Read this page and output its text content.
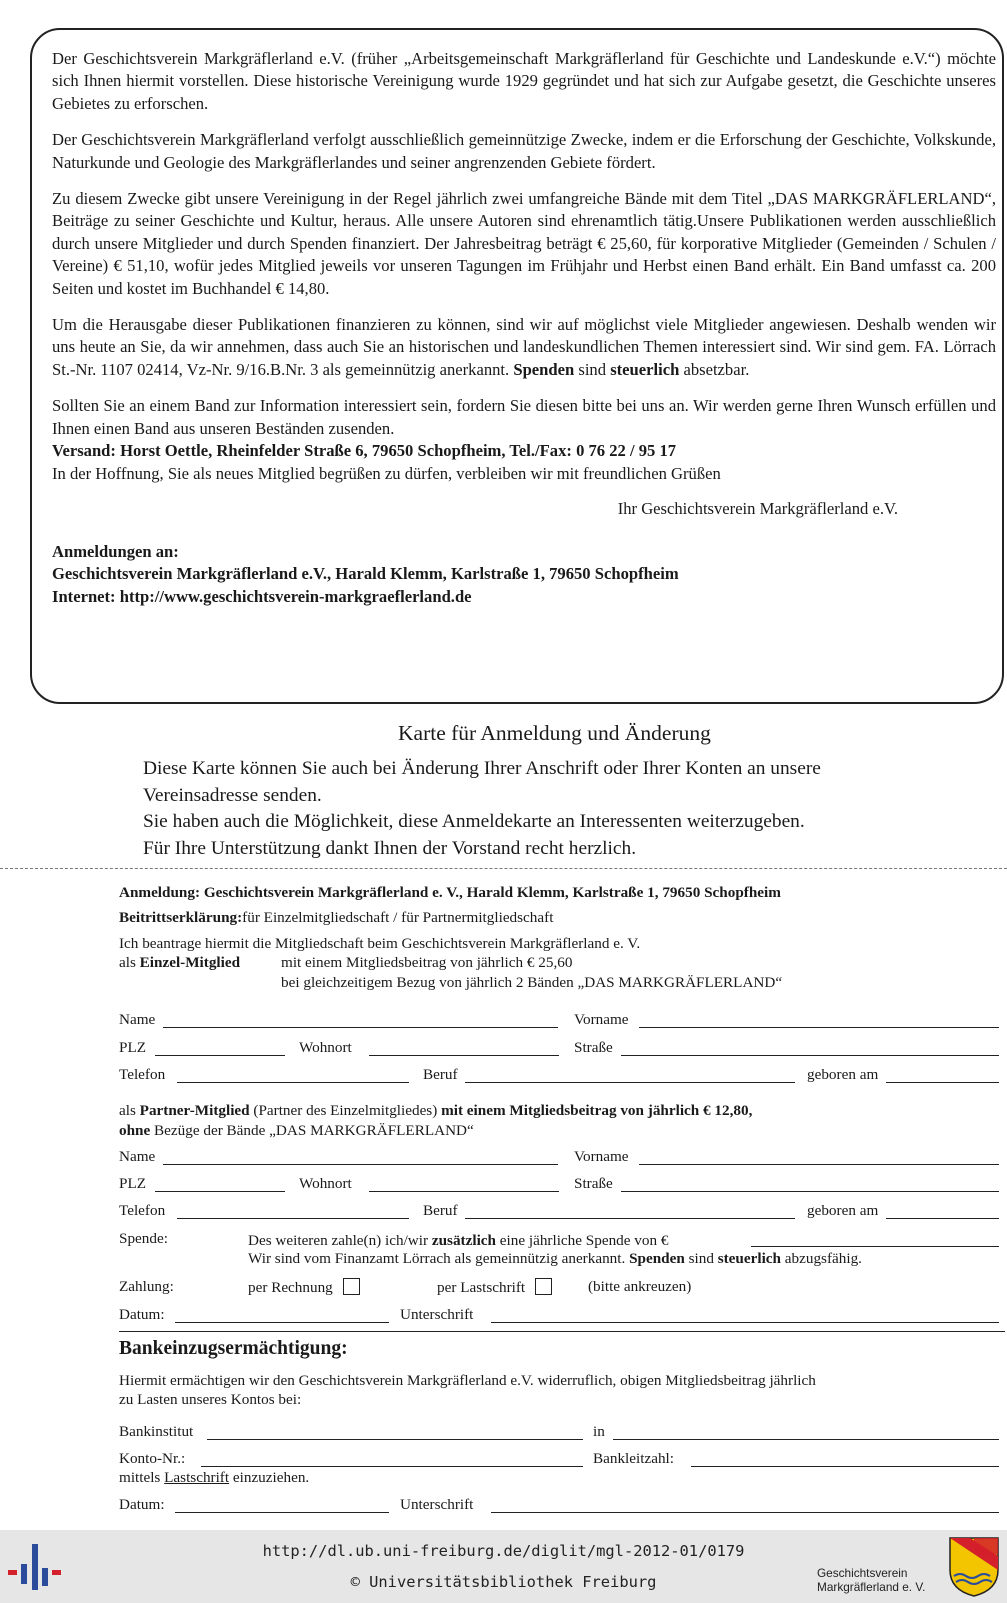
Der Geschichtsverein Markgräflerland e.V. (früher „Arbeitsgemeinschaft Markgräflerland für Geschichte und Landeskunde e.V.“) möchte sich Ihnen hiermit vorstellen. Diese historische Vereinigung wurde 1929 gegründet und hat sich zur Aufgabe gesetzt, die Geschichte unseres Gebietes zu erforschen.

Der Geschichtsverein Markgräflerland verfolgt ausschließlich gemeinnützige Zwecke, indem er die Erforschung der Geschichte, Volkskunde, Naturkunde und Geologie des Markgräflerlandes und seiner angrenzenden Gebiete fördert.

Zu diesem Zwecke gibt unsere Vereinigung in der Regel jährlich zwei umfangreiche Bände mit dem Titel „DAS MARKGRÄFLERLAND“, Beiträge zu seiner Geschichte und Kultur, heraus. Alle unsere Autoren sind ehrenamtlich tätig.Unsere Publikationen werden ausschließlich durch unsere Mitglieder und durch Spenden finanziert. Der Jahresbeitrag beträgt € 25,60, für korporative Mitglieder (Gemeinden / Schulen / Vereine) € 51,10, wofür jedes Mitglied jeweils vor unseren Tagungen im Frühjahr und Herbst einen Band erhält. Ein Band umfasst ca. 200 Seiten und kostet im Buchhandel € 14,80.

Um die Herausgabe dieser Publikationen finanzieren zu können, sind wir auf möglichst viele Mitglieder angewiesen. Deshalb wenden wir uns heute an Sie, da wir annehmen, dass auch Sie an historischen und landeskundlichen Themen interessiert sind. Wir sind gem. FA. Lörrach St.-Nr. 1107 02414, Vz-Nr. 9/16.B.Nr. 3 als gemeinnützig anerkannt. Spenden sind steuerlich absetzbar.

Sollten Sie an einem Band zur Information interessiert sein, fordern Sie diesen bitte bei uns an. Wir werden gerne Ihren Wunsch erfüllen und Ihnen einen Band aus unseren Beständen zusenden.

Versand: Horst Oettle, Rheinfelder Straße 6, 79650 Schopfheim, Tel./Fax: 0 76 22 / 95 17

In der Hoffnung, Sie als neues Mitglied begrüßen zu dürfen, verbleiben wir mit freundlichen Grüßen

Ihr Geschichtsverein Markgräflerland e.V.
Anmeldungen an:
Geschichtsverein Markgräflerland e.V., Harald Klemm, Karlstraße 1, 79650 Schopfheim
Internet: http://www.geschichtsverein-markgraeflerland.de
Karte für Anmeldung und Änderung
Diese Karte können Sie auch bei Änderung Ihrer Anschrift oder Ihrer Konten an unsere
Vereinsadresse senden.
Sie haben auch die Möglichkeit, diese Anmeldekarte an Interessenten weiterzugeben.
Für Ihre Unterstützung dankt Ihnen der Vorstand recht herzlich.
Anmeldung: Geschichtsverein Markgräflerland e. V., Harald Klemm, Karlstraße 1, 79650 Schopfheim
Beitrittserklärung:für Einzelmitgliedschaft / für Partnermitgliedschaft
Ich beantrage hiermit die Mitgliedschaft beim Geschichtsverein Markgräflerland e. V.
als Einzel-Mitglied	mit einem Mitgliedsbeitrag von jährlich € 25,60
bei gleichzeitigem Bezug von jährlich 2 Bänden „DAS MARKGRÄFLERLAND“
Name	Vorname
PLZ	Wohnort	Straße
Telefon	Beruf	geboren am
als Partner-Mitglied (Partner des Einzelmitgliedes) mit einem Mitgliedsbeitrag von jährlich € 12,80,
ohne Bezüge der Bände „DAS MARKGRÄFLERLAND“
Name	Vorname
PLZ	Wohnort	Straße
Telefon	Beruf	geboren am
Spende:	Des weiteren zahle(n) ich/wir zusätzlich eine jährliche Spende von €
Wir sind vom Finanzamt Lörrach als gemeinnützig anerkannt. Spenden sind steuerlich abzugsfähig.
Zahlung:	per Rechnung	per Lastschrift	(bitte ankreuzen)
Datum:	Unterschrift
Bankeinzugsermächtigung:
Hiermit ermächtigen wir den Geschichtsverein Markgräflerland e.V. widerruflich, obigen Mitgliedsbeitrag jährlich
zu Lasten unseres Kontos bei:
Bankinstitut	in
Konto-Nr.:	Bankleitzahl:
mittels Lastschrift einzuziehen.
Datum:	Unterschrift
http://dl.ub.uni-freiburg.de/diglit/mgl-2012-01/0179
© Universitätsbibliothek Freiburg	Geschichtsverein
Markgräflerland e. V.
